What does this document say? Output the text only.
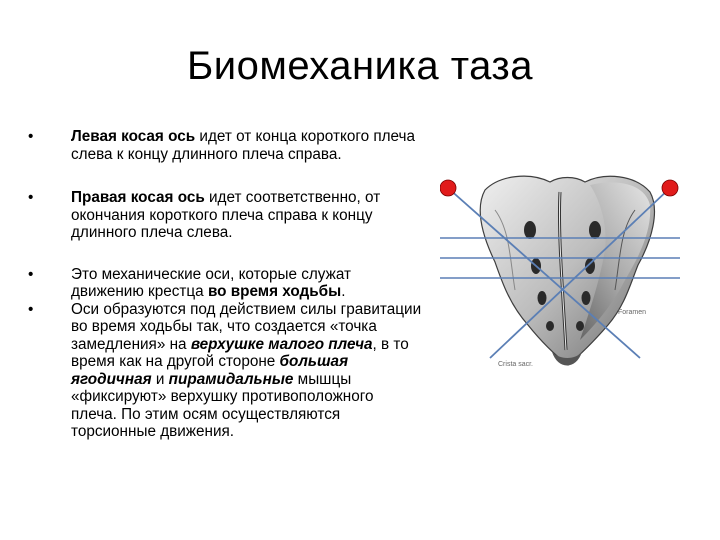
Биомеханика таза
•	Левая косая ось идет от конца короткого плеча слева к концу длинного плеча справа.
•	Правая косая ось идет соответственно, от окончания короткого плеча справа к концу длинного плеча слева.
•	Это механические оси, которые служат движению крестца во время ходьбы.
•	Оси образуются под действием силы гравитации во время ходьбы так, что создается «точка замедления» на верхушке малого плеча, в то время как на другой стороне большая ягодичная и пирамидальные мышцы «фиксируют» верхушку противоположного плеча. По этим осям осуществляются торсионные движения.
Crista sacr.
Foramen
